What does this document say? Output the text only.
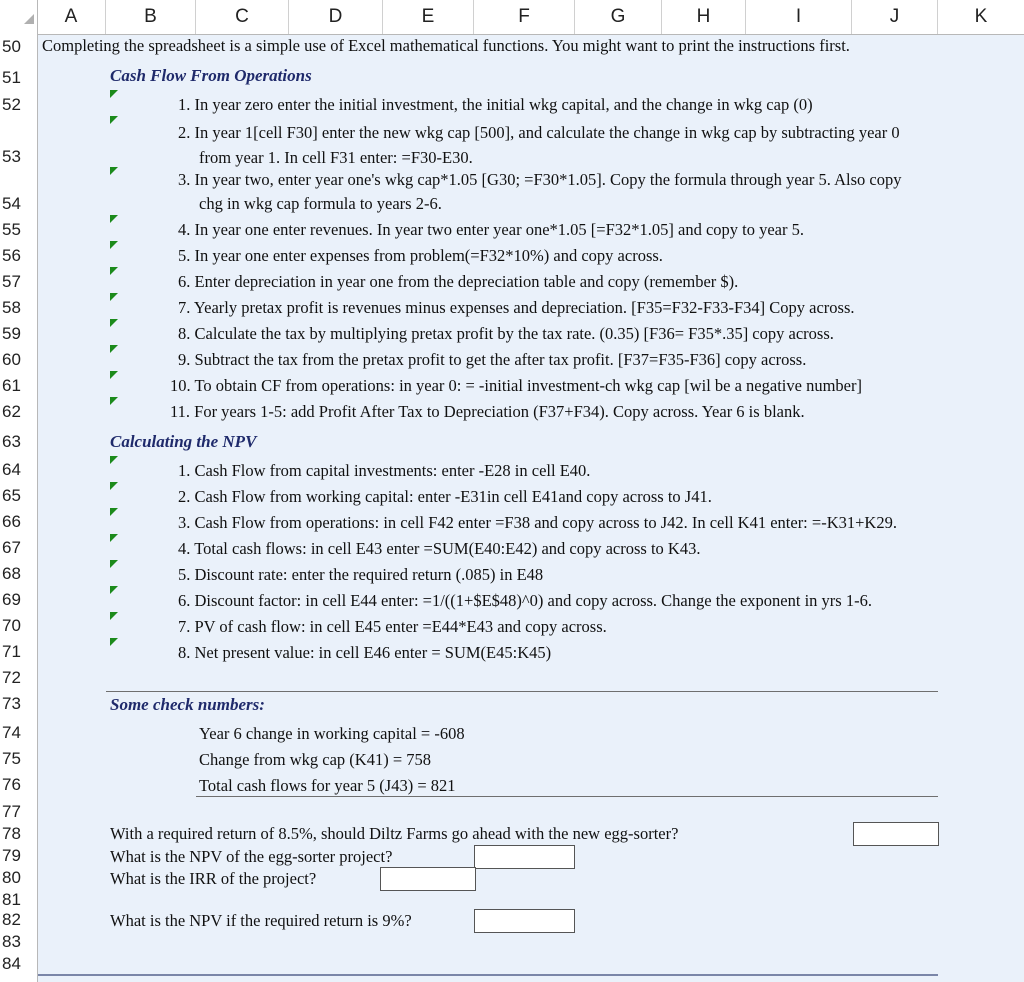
A	B	C	D	E	F	G	H	I	J	K
50
51
52
53
54
55
56
57
58
59
60
61
62
63
64
65
66
67
68
69
70
71
72
73
74
75
76
77
78
79
80
81
82
83
84
Completing the spreadsheet is a simple use of Excel mathematical functions. You might want to print the instructions first.
Cash Flow From Operations
1. In year zero enter the initial investment, the initial wkg capital, and the change in wkg cap (0)
2. In year 1[cell F30] enter the new wkg cap [500], and calculate the change in wkg cap by subtracting year 0
from year 1. In cell F31 enter: =F30-E30.
3. In year two, enter year one's wkg cap*1.05 [G30; =F30*1.05]. Copy the formula through year 5. Also copy
chg in wkg cap formula to years 2-6.
4. In year one enter revenues. In year two enter year one*1.05 [=F32*1.05] and copy to year 5.
5. In year one enter expenses from problem(=F32*10%) and copy across.
6. Enter depreciation in year one from the depreciation table and copy (remember $).
7. Yearly pretax profit is revenues minus expenses and depreciation. [F35=F32-F33-F34] Copy across.
8. Calculate the tax by multiplying pretax profit by the tax rate. (0.35) [F36= F35*.35] copy across.
9. Subtract the tax from the pretax profit to get the after tax profit. [F37=F35-F36] copy across.
10. To obtain CF from operations: in year 0: = -initial investment-ch wkg cap [wil be a negative number]
11. For years 1-5: add Profit After Tax to Depreciation (F37+F34). Copy across. Year 6 is blank.
Calculating the NPV
1. Cash Flow from capital investments: enter -E28 in cell E40.
2. Cash Flow from working capital: enter -E31in cell E41and copy across to J41.
3. Cash Flow from operations: in cell F42 enter =F38 and copy across to J42. In cell K41 enter: =-K31+K29.
4. Total cash flows: in cell E43 enter =SUM(E40:E42) and copy across to K43.
5. Discount rate: enter the required return (.085) in E48
6. Discount factor: in cell E44 enter: =1/((1+$E$48)^0) and copy across. Change the exponent in yrs 1-6.
7. PV of cash flow: in cell E45 enter =E44*E43 and copy across.
8. Net present value: in cell E46 enter = SUM(E45:K45)
Some check numbers:
Year 6 change in working capital = -608
Change from wkg cap (K41) = 758
Total cash flows for year 5 (J43) = 821
With a required return of 8.5%, should Diltz Farms go ahead with the new egg-sorter?
What is the NPV of the egg-sorter project?
What is the IRR of the project?
What is the NPV if the required return is 9%?
